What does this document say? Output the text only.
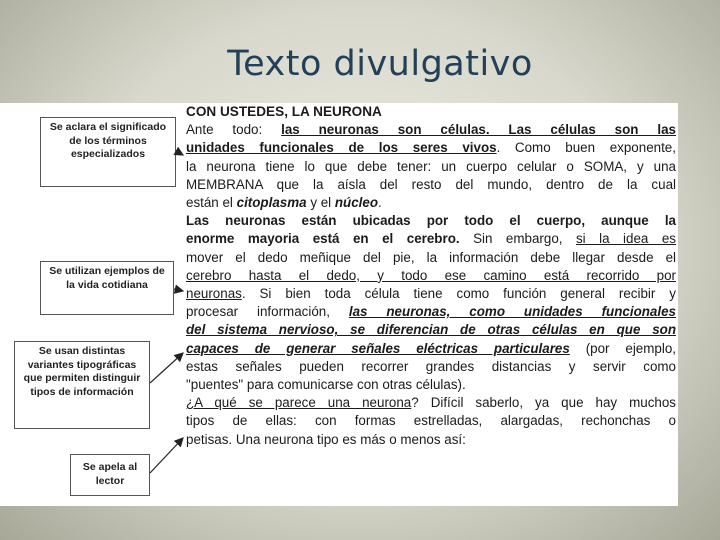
Texto divulgativo
Se aclara el significado de los términos especializados
Se utilizan ejemplos de la vida cotidiana
Se usan distintas variantes tipográficas que permiten distinguir tipos de información
Se apela al lector
CON USTEDES, LA NEURONA
Ante todo: las neuronas son células. Las células son las
unidades funcionales de los seres vivos. Como buen exponente,
la neurona tiene lo que debe tener: un cuerpo celular o SOMA, y una
MEMBRANA que la aísla del resto del mundo, dentro de la cual
están el citoplasma y el núcleo.
Las neuronas están ubicadas por todo el cuerpo, aunque la
enorme mayoria está en el cerebro. Sin embargo, si la idea es
mover el dedo meñique del pie, la información debe llegar desde el
cerebro hasta el dedo, y todo ese camino está recorrido por
neuronas. Si bien toda célula tiene como función general recibir y
procesar información, las neuronas, como unidades funcionales
del sistema nervioso, se diferencian de otras células en que son
capaces de generar señales eléctricas particulares (por ejemplo,
estas señales pueden recorrer grandes distancias y servir como
"puentes" para comunicarse con otras células).
¿A qué se parece una neurona? Difícil saberlo, ya que hay muchos
tipos de ellas: con formas estrelladas, alargadas, rechonchas o
petisas. Una neurona tipo es más o menos así:
